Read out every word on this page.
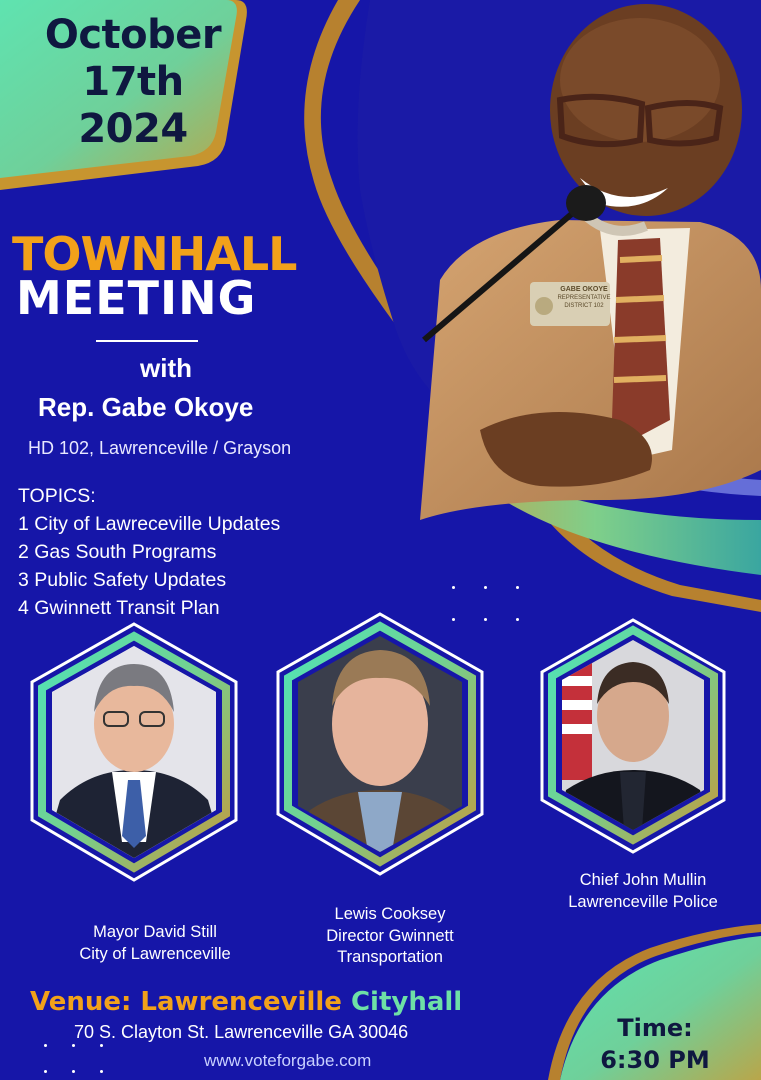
October
17th
2024
GABE OKOYE
REPRESENTATIVE
DISTRICT 102
TOWNHALL
MEETING
with
Rep. Gabe Okoye
HD 102, Lawrenceville / Grayson
TOPICS:
1 City of Lawreceville Updates
2 Gas South Programs
3 Public Safety Updates
4 Gwinnett Transit Plan
Mayor David Still
City of Lawrenceville
Lewis Cooksey
Director Gwinnett
Transportation
Chief John Mullin
Lawrenceville Police
Venue: Lawrenceville Cityhall
70 S. Clayton St. Lawrenceville GA 30046
www.voteforgabe.com
Time:
6:30 PM
